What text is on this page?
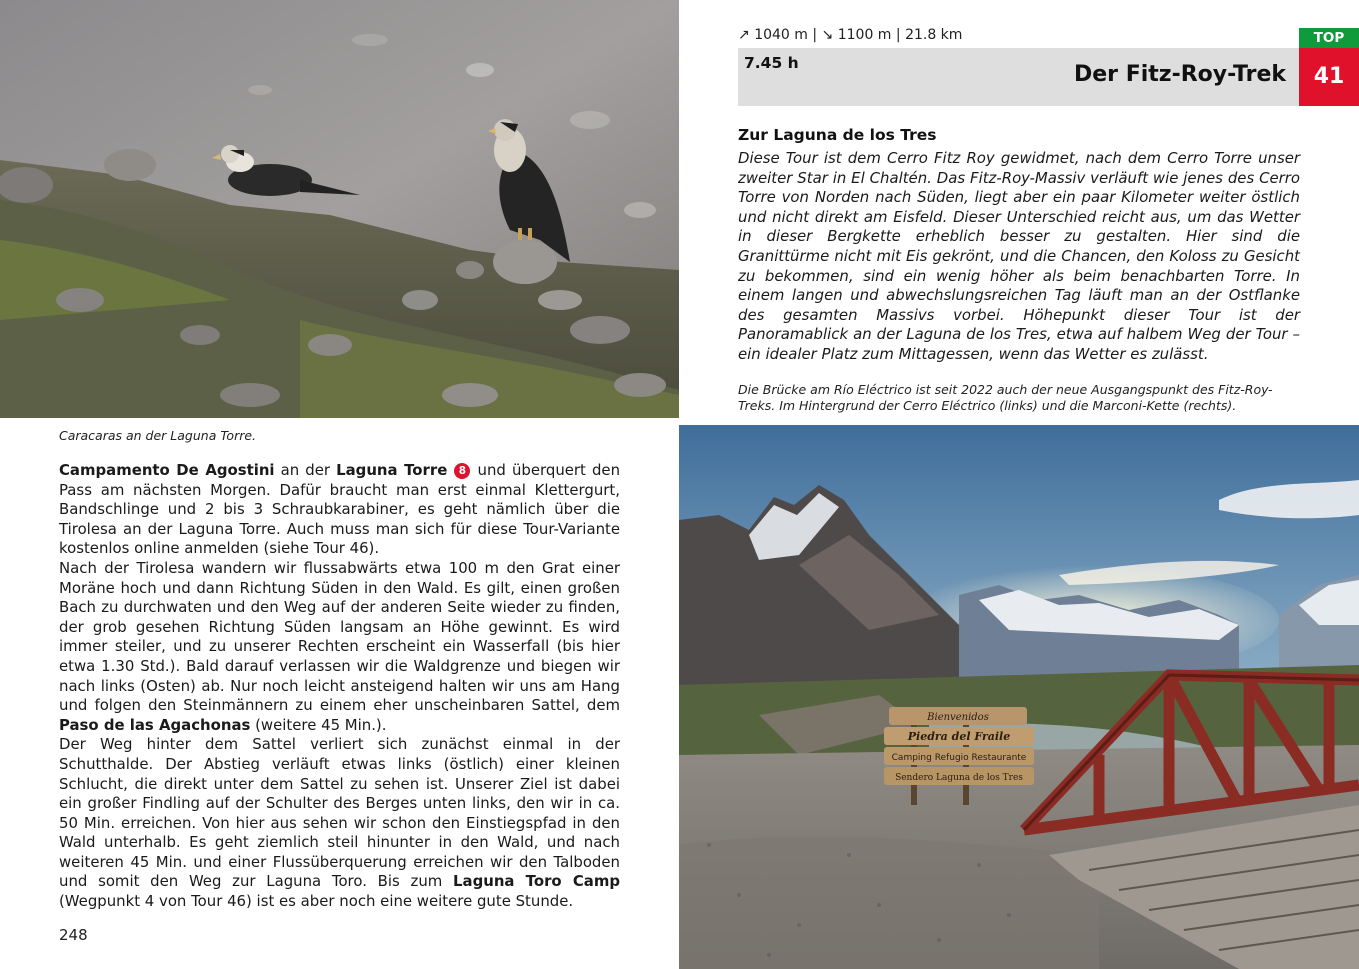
↗ 1040 m | ↘ 1100 m | 21.8 km
7.45 h	Der Fitz-Roy-Trek
TOP
41
Zur Laguna de los Tres
Diese Tour ist dem Cerro Fitz Roy gewidmet, nach dem Cerro Torre unser zweiter Star in El Chaltén. Das Fitz-Roy-Massiv verläuft wie jenes des Cerro Torre von Norden nach Süden, liegt aber ein paar Kilometer weiter östlich und nicht direkt am Eisfeld. Dieser Unterschied reicht aus, um das Wetter in dieser Bergkette erheblich besser zu gestalten. Hier sind die Granittürme nicht mit Eis gekrönt, und die Chancen, den Koloss zu Gesicht zu bekommen, sind ein wenig höher als beim benachbarten Torre. In einem langen und abwechslungsreichen Tag läuft man an der Ostflanke des gesamten Massivs vorbei. Höhepunkt dieser Tour ist der Panoramablick an der Laguna de los Tres, etwa auf halbem Weg der Tour – ein idealer Platz zum Mittagessen, wenn das Wetter es zulässt.
Die Brücke am Río Eléctrico ist seit 2022 auch der neue Ausgangspunkt des Fitz-Roy-Treks. Im Hintergrund der Cerro Eléctrico (links) und die Marconi-Kette (rechts).
Caracaras an der Laguna Torre.

Campamento De Agostini an der Laguna Torre 8 und überquert den Pass am nächsten Morgen. Dafür braucht man erst einmal Klettergurt, Bandschlinge und 2 bis 3 Schraubkarabiner, es geht nämlich über die Tirolesa an der Laguna Torre. Auch muss man sich für diese Tour-Variante kostenlos online anmelden (siehe Tour 46).

Nach der Tirolesa wandern wir flussabwärts etwa 100 m den Grat einer Moräne hoch und dann Richtung Süden in den Wald. Es gilt, einen großen Bach zu durchwaten und den Weg auf der anderen Seite wieder zu finden, der grob gesehen Richtung Süden langsam an Höhe gewinnt. Es wird immer steiler, und zu unserer Rechten erscheint ein Wasserfall (bis hier etwa 1.30 Std.). Bald darauf verlassen wir die Waldgrenze und biegen wir nach links (Osten) ab. Nur noch leicht ansteigend halten wir uns am Hang und folgen den Steinmännern zu einem eher unscheinbaren Sattel, dem Paso de las Agachonas (weitere 45 Min.).

Der Weg hinter dem Sattel verliert sich zunächst einmal in der Schutthalde. Der Abstieg verläuft etwas links (östlich) einer kleinen Schlucht, die direkt unter dem Sattel zu sehen ist. Unserer Ziel ist dabei ein großer Findling auf der Schulter des Berges unten links, den wir in ca. 50 Min. erreichen. Von hier aus sehen wir schon den Einstiegspfad in den Wald unterhalb. Es geht ziemlich steil hinunter in den Wald, und nach weiteren 45 Min. und einer Flussüberquerung erreichen wir den Talboden und somit den Weg zur Laguna Toro. Bis zum Laguna Toro Camp (Wegpunkt 4 von Tour 46) ist es aber noch eine weitere gute Stunde.

248
Bienvenidos
Piedra del Fraile
Camping Refugio Restaurante
Sendero Laguna de los Tres
